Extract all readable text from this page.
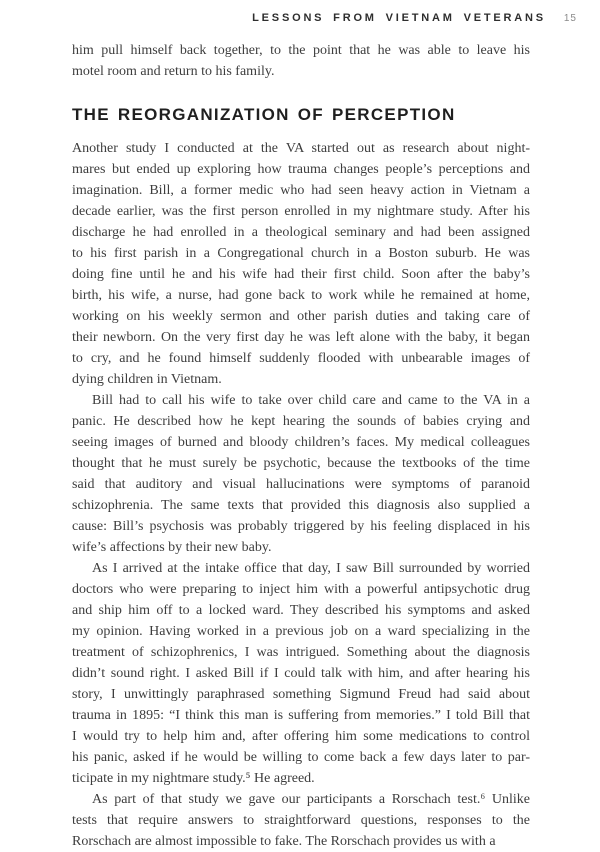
LESSONS FROM VIETNAM VETERANS 15
him pull himself back together, to the point that he was able to leave his
motel room and return to his family.
THE REORGANIZATION OF PERCEPTION
Another study I conducted at the VA started out as research about night-
mares but ended up exploring how trauma changes people’s perceptions and
imagination. Bill, a former medic who had seen heavy action in Vietnam a
decade earlier, was the first person enrolled in my nightmare study. After his
discharge he had enrolled in a theological seminary and had been assigned
to his first parish in a Congregational church in a Boston suburb. He was
doing fine until he and his wife had their first child. Soon after the baby’s
birth, his wife, a nurse, had gone back to work while he remained at home,
working on his weekly sermon and other parish duties and taking care of
their newborn. On the very first day he was left alone with the baby, it began
to cry, and he found himself suddenly flooded with unbearable images of
dying children in Vietnam.
Bill had to call his wife to take over child care and came to the VA in a
panic. He described how he kept hearing the sounds of babies crying and
seeing images of burned and bloody children’s faces. My medical colleagues
thought that he must surely be psychotic, because the textbooks of the time
said that auditory and visual hallucinations were symptoms of paranoid
schizophrenia. The same texts that provided this diagnosis also supplied a
cause: Bill’s psychosis was probably triggered by his feeling displaced in his
wife’s affections by their new baby.
As I arrived at the intake office that day, I saw Bill surrounded by worried
doctors who were preparing to inject him with a powerful antipsychotic drug
and ship him off to a locked ward. They described his symptoms and asked
my opinion. Having worked in a previous job on a ward specializing in the
treatment of schizophrenics, I was intrigued. Something about the diagnosis
didn’t sound right. I asked Bill if I could talk with him, and after hearing his
story, I unwittingly paraphrased something Sigmund Freud had said about
trauma in 1895: “I think this man is suffering from memories.” I told Bill that
I would try to help him and, after offering him some medications to control
his panic, asked if he would be willing to come back a few days later to par-
ticipate in my nightmare study.⁵ He agreed.
As part of that study we gave our participants a Rorschach test.⁶ Unlike
tests that require answers to straightforward questions, responses to the
Rorschach are almost impossible to fake. The Rorschach provides us with a
